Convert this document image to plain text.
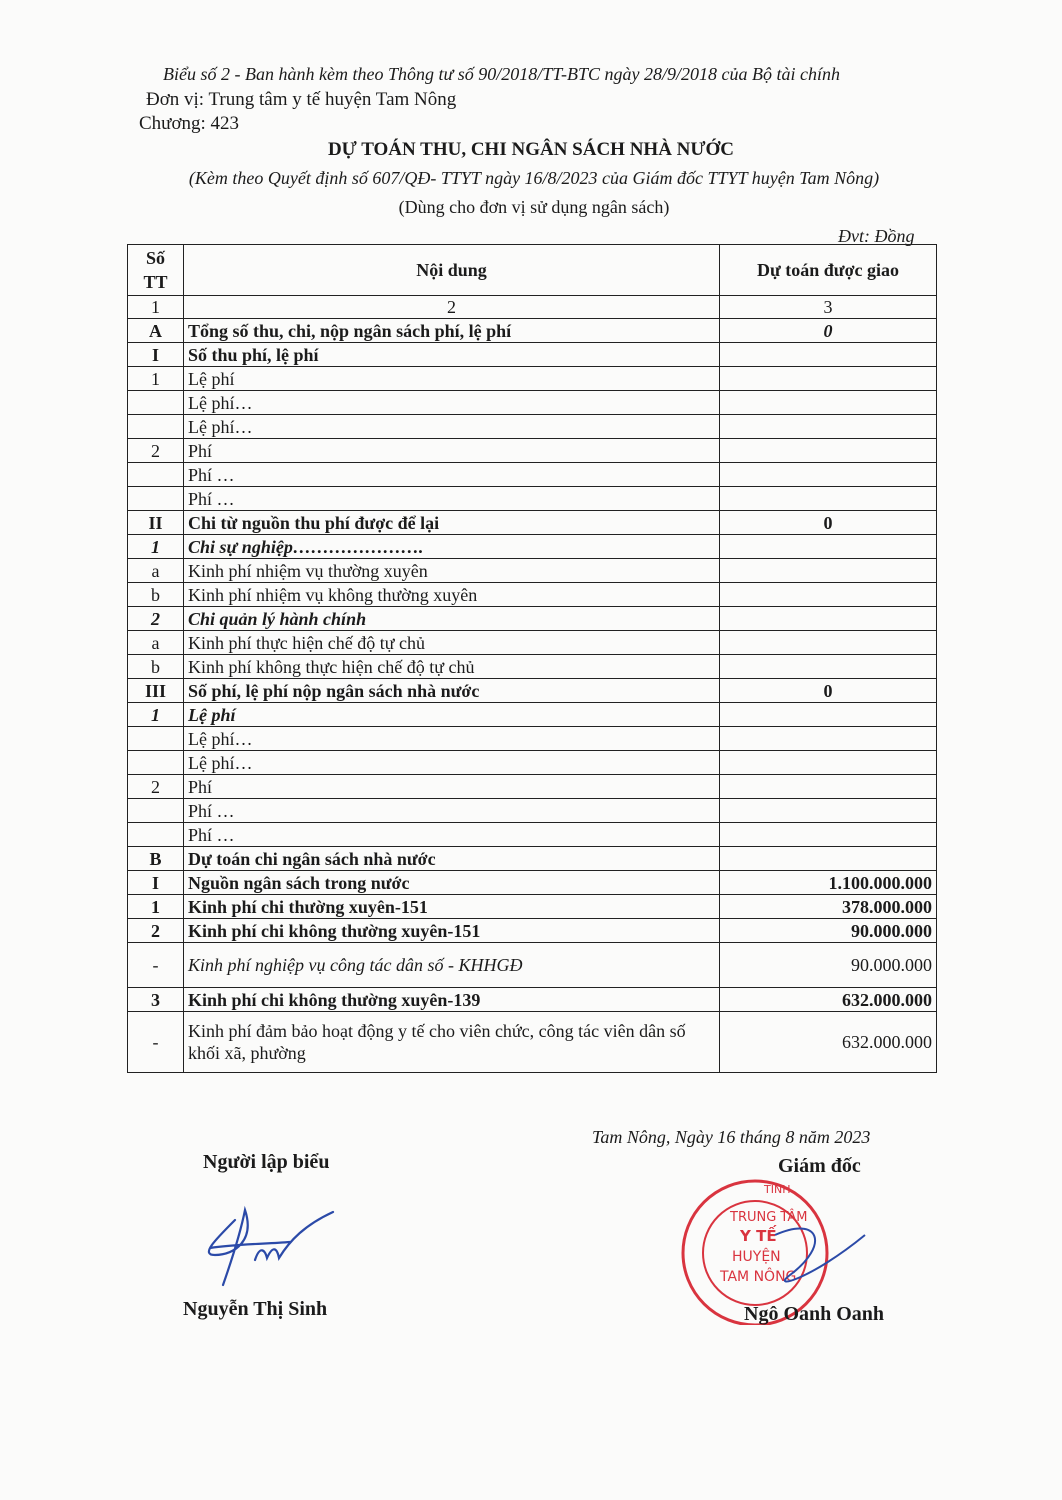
Biểu số 2 - Ban hành kèm theo Thông tư số 90/2018/TT-BTC ngày 28/9/2018 của Bộ tài chính
Đơn vị: Trung tâm y tế huyện Tam Nông
Chương: 423
DỰ TOÁN THU, CHI NGÂN SÁCH NHÀ NƯỚC
(Kèm theo Quyết định số 607/QĐ- TTYT ngày 16/8/2023 của Giám đốc TTYT huyện Tam Nông)
(Dùng cho đơn vị sử dụng ngân sách)
Đvt: Đồng
Số TT	Nội dung	Dự toán được giao
1	2	3
A	Tổng số thu, chi, nộp ngân sách phí, lệ phí	0
I	Số thu phí, lệ phí	
1	Lệ phí	
	Lệ phí…	
	Lệ phí…	
2	Phí	
	Phí …	
	Phí …	
II	Chi từ nguồn thu phí được để lại	0
1	Chi sự nghiệp………………….	
a	Kinh phí nhiệm vụ thường xuyên	
b	Kinh phí nhiệm vụ không thường xuyên	
2	Chi quản lý hành chính	
a	Kinh phí thực hiện chế độ tự chủ	
b	Kinh phí không thực hiện chế độ tự chủ	
III	Số phí, lệ phí nộp ngân sách nhà nước	0
1	Lệ phí	
	Lệ phí…	
	Lệ phí…	
2	Phí	
	Phí …	
	Phí …	
B	Dự toán chi ngân sách nhà nước	
I	Nguồn ngân sách trong nước	1.100.000.000
1	Kinh phí chi thường xuyên-151	378.000.000
2	Kinh phí chi không thường xuyên-151	90.000.000
-	Kinh phí nghiệp vụ công tác dân số - KHHGĐ	90.000.000
3	Kinh phí chi không thường xuyên-139	632.000.000
-	Kinh phí đảm bảo hoạt động y tế cho viên chức, công tác viên dân số khối xã, phường	632.000.000
Tam Nông, Ngày 16 tháng 8 năm 2023
Người lập biểu	Giám đốc
TRUNG TÂM
Y TẾ
HUYỆN
TAM NÔNG
TỈNH
Nguyễn Thị Sinh	Ngô Oanh Oanh
